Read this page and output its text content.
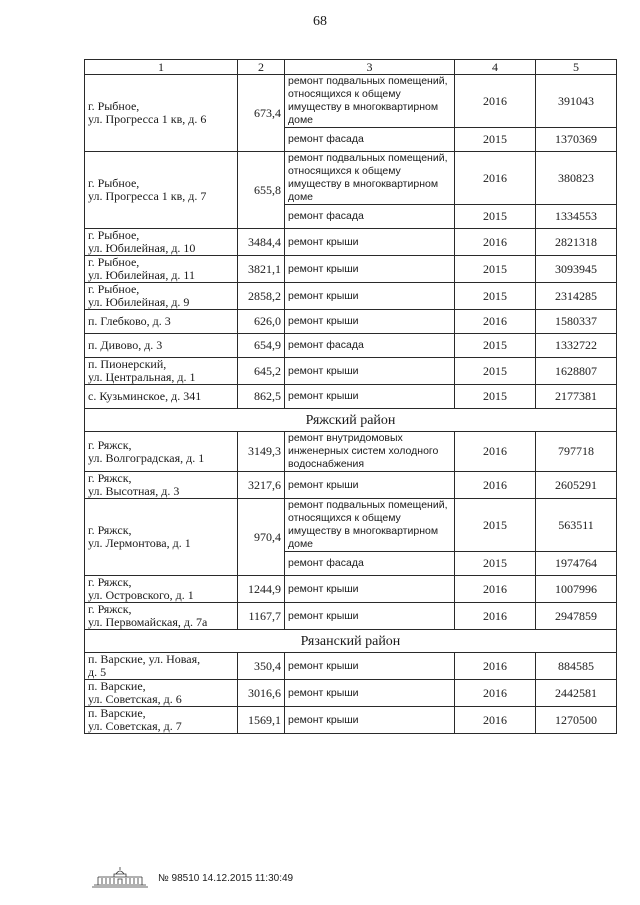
68
1	2	3	4	5
г. Рыбное,
ул. Прогресса 1 кв, д. 6	673,4	ремонт подвальных помещений, относящихся к общему имуществу в многоквартирном доме	2016	391043
		ремонт фасада	2015	1370369
г. Рыбное,
ул. Прогресса 1 кв, д. 7	655,8	ремонт подвальных помещений, относящихся к общему имуществу в многоквартирном доме	2016	380823
		ремонт фасада	2015	1334553
г. Рыбное,
ул. Юбилейная, д. 10	3484,4	ремонт крыши	2016	2821318
г. Рыбное,
ул. Юбилейная, д. 11	3821,1	ремонт крыши	2015	3093945
г. Рыбное,
ул. Юбилейная, д. 9	2858,2	ремонт крыши	2015	2314285
п. Глебково, д. 3	626,0	ремонт крыши	2016	1580337
п. Дивово, д. 3	654,9	ремонт фасада	2015	1332722
п. Пионерский,
ул. Центральная, д. 1	645,2	ремонт крыши	2015	1628807
с. Кузьминское, д. 341	862,5	ремонт крыши	2015	2177381
Ряжский район				
г. Ряжск,
ул. Волгоградская, д. 1	3149,3	ремонт внутридомовых инженерных систем холодного водоснабжения	2016	797718
г. Ряжск,
ул. Высотная, д. 3	3217,6	ремонт крыши	2016	2605291
г. Ряжск,
ул. Лермонтова, д. 1	970,4	ремонт подвальных помещений, относящихся к общему имуществу в многоквартирном доме	2015	563511
		ремонт фасада	2015	1974764
г. Ряжск,
ул. Островского, д. 1	1244,9	ремонт крыши	2016	1007996
г. Ряжск,
ул. Первомайская, д. 7а	1167,7	ремонт крыши	2016	2947859
Рязанский район				
п. Варские, ул. Новая,
д. 5	350,4	ремонт крыши	2016	884585
п. Варские,
ул. Советская, д. 6	3016,6	ремонт крыши	2016	2442581
п. Варские,
ул. Советская, д. 7	1569,1	ремонт крыши	2016	1270500
№ 98510 14.12.2015 11:30:49
